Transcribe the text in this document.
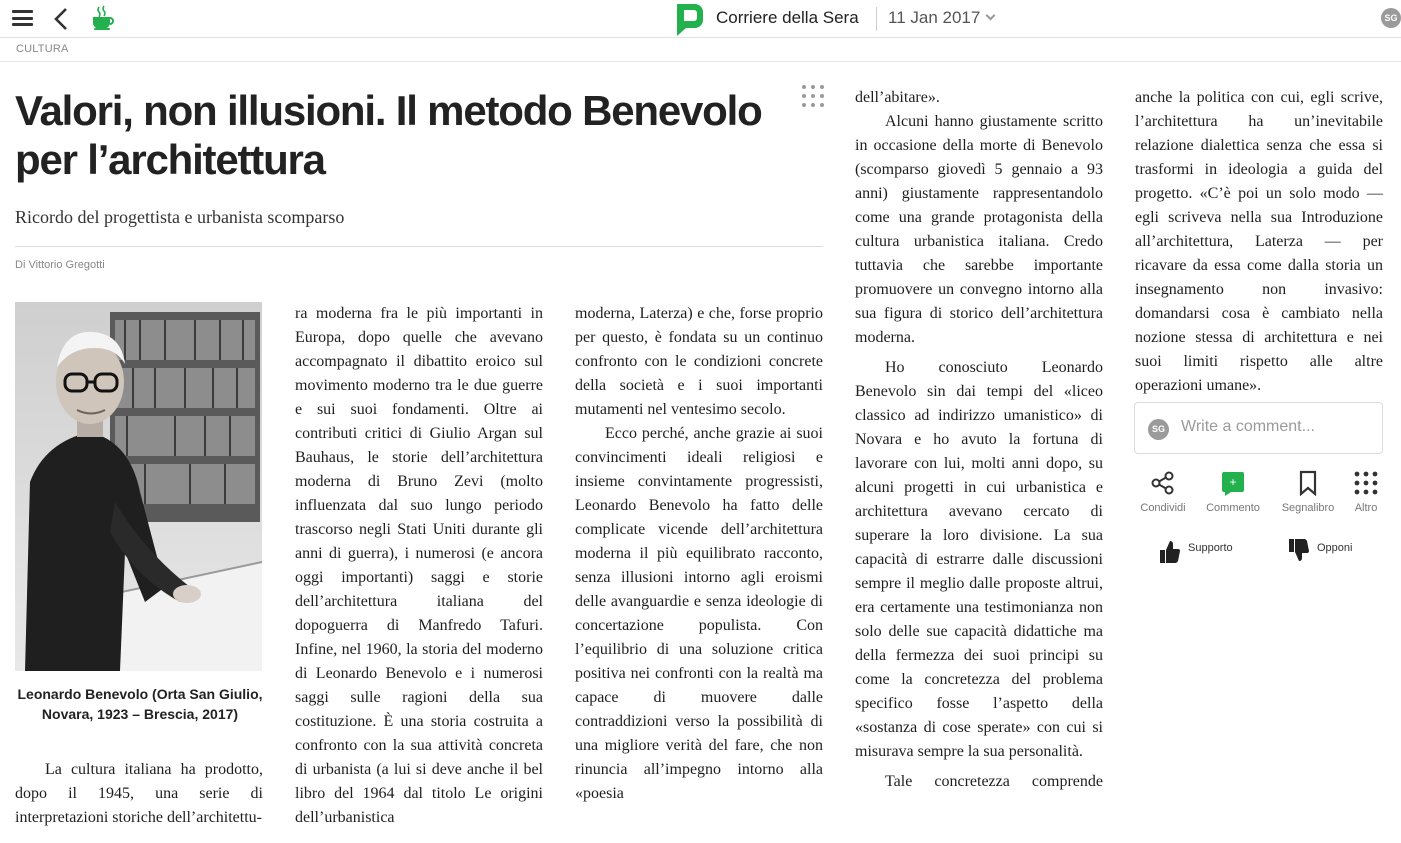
Corriere della Sera 11 Jan 2017	SG
CULTURA
Valori, non illusioni. Il metodo Benevolo per l’architettura
Ricordo del progettista e urbanista scomparso
Di Vittorio Gregotti
Leonardo Benevolo (Orta San Giulio, Novara, 1923 – Brescia, 2017)

La cultura italiana ha prodotto, dopo il 1945, una serie di interpretazioni storiche dell’architettu-

ra moderna fra le più importanti in Europa, dopo quelle che avevano accompagnato il dibattito eroico sul movimento moderno tra le due guerre e sui suoi fondamenti. Oltre ai contributi critici di Giulio Argan sul Bauhaus, le storie dell’architettura moderna di Bruno Zevi (molto influenzata dal suo lungo periodo trascorso negli Stati Uniti durante gli anni di guerra), i numerosi (e ancora oggi importanti) saggi e storie dell’architettura italiana del dopoguerra di Manfredo Tafuri. Infine, nel 1960, la storia del moderno di Leonardo Benevolo e i numerosi saggi sulle ragioni della sua costituzione. È una storia costruita a confronto con la sua attività concreta di urbanista (a lui si deve anche il bel libro del 1964 dal titolo Le origini dell’urbanistica

moderna, Laterza) e che, forse proprio per questo, è fondata su un continuo confronto con le condizioni concrete della società e i suoi importanti mutamenti nel ventesimo secolo.

Ecco perché, anche grazie ai suoi convincimenti ideali religiosi e insieme convintamente progressisti, Leonardo Benevolo ha fatto delle complicate vicende dell’architettura moderna il più equilibrato racconto, senza illusioni intorno agli eroismi delle avanguardie e senza ideologie di concertazione populista. Con l’equilibrio di una soluzione critica positiva nei confronti con la realtà ma capace di muovere dalle contraddizioni verso la possibilità di una migliore verità del fare, che non rinuncia all’impegno intorno alla «poesia

dell’abitare».

Alcuni hanno giustamente scritto in occasione della morte di Benevolo (scomparso giovedì 5 gennaio a 93 anni) giustamente rappresentandolo come una grande protagonista della cultura urbanistica italiana. Credo tuttavia che sarebbe importante promuovere un convegno intorno alla sua figura di storico dell’architettura moderna.

Ho conosciuto Leonardo Benevolo sin dai tempi del «liceo classico ad indirizzo umanistico» di Novara e ho avuto la fortuna di lavorare con lui, molti anni dopo, su alcuni progetti in cui urbanistica e architettura avevano cercato di superare la loro divisione. La sua capacità di estrarre dalle discussioni sempre il meglio dalle proposte altrui, era certamente una testimonianza non solo delle sue capacità didattiche ma della fermezza dei suoi principi su come la concretezza del problema specifico fosse l’aspetto della «sostanza di cose sperate» con cui si misurava sempre la sua personalità.

Tale concretezza comprende

anche la politica con cui, egli scrive, l’architettura ha un’inevitabile relazione dialettica senza che essa si trasformi in ideologia a guida del progetto. «C’è poi un solo modo — egli scriveva nella sua Introduzione all’architettura, Laterza — per ricavare da essa come dalla storia un insegnamento non invasivo: domandarsi cosa è cambiato nella nozione stessa di architettura e nei suoi limiti rispetto alle altre operazioni umane».

SG Write a comment...
Condividi
+
Commento	Segnalibro	Altro
Supporto	Opponi
